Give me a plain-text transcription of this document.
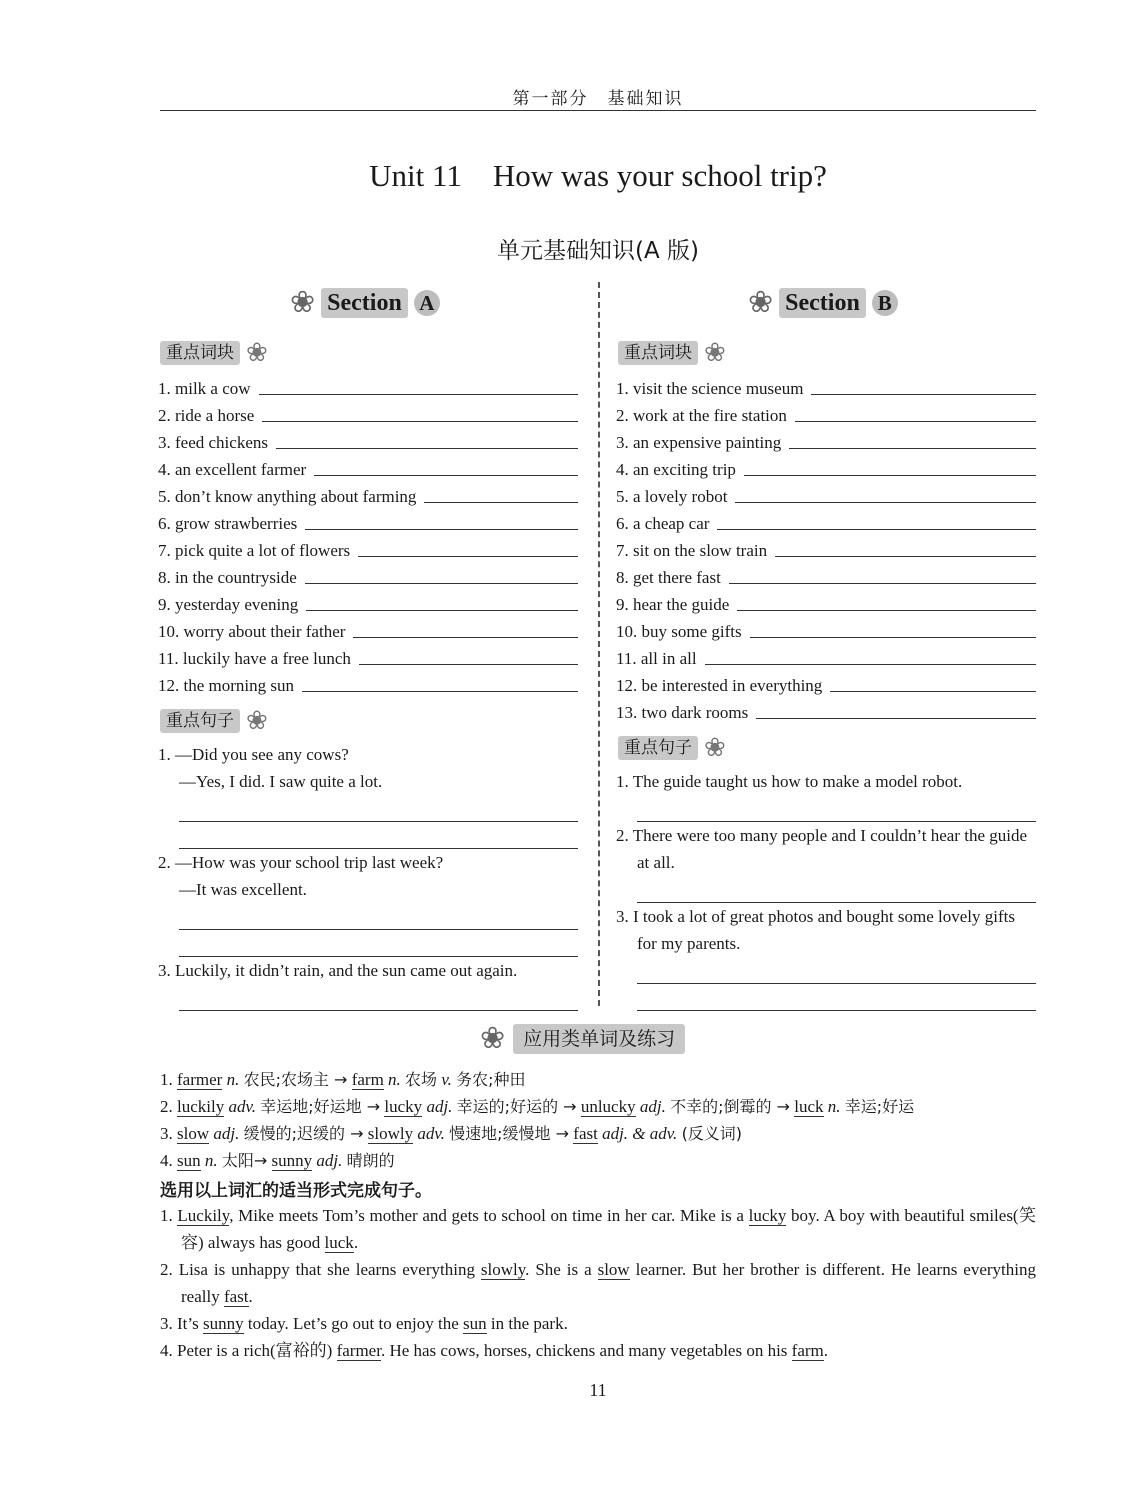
第一部分　基础知识
Unit 11　How was your school trip?
单元基础知识(A 版)
❀ Section A
重点词块 ❀
1. milk a cow
2. ride a horse
3. feed chickens
4. an excellent farmer
5. don’t know anything about farming
6. grow strawberries
7. pick quite a lot of flowers
8. in the countryside
9. yesterday evening
10. worry about their father
11. luckily have a free lunch
12. the morning sun
重点句子 ❀
1. —Did you see any cows?
—Yes, I did. I saw quite a lot.
2. —How was your school trip last week?
—It was excellent.
3. Luckily, it didn’t rain, and the sun came out again.
❀ Section B
重点词块 ❀
1. visit the science museum
2. work at the fire station
3. an expensive painting
4. an exciting trip
5. a lovely robot
6. a cheap car
7. sit on the slow train
8. get there fast
9. hear the guide
10. buy some gifts
11. all in all
12. be interested in everything
13. two dark rooms
重点句子 ❀
1. The guide taught us how to make a model robot.
2. There were too many people and I couldn’t hear the guide at all.
3. I took a lot of great photos and bought some lovely gifts for my parents.
❀ 应用类单词及练习
1. farmer n. 农民;农场主 → farm n. 农场 v. 务农;种田
2. luckily adv. 幸运地;好运地 → lucky adj. 幸运的;好运的 → unlucky adj. 不幸的;倒霉的 → luck n. 幸运;好运
3. slow adj. 缓慢的;迟缓的 → slowly adv. 慢速地;缓慢地 → fast adj. & adv. (反义词)
4. sun n. 太阳→ sunny adj. 晴朗的
选用以上词汇的适当形式完成句子。
1. Luckily, Mike meets Tom’s mother and gets to school on time in her car. Mike is a lucky boy. A boy with beautiful smiles(笑容) always has good luck.
2. Lisa is unhappy that she learns everything slowly. She is a slow learner. But her brother is different. He learns everything really fast.
3. It’s sunny today. Let’s go out to enjoy the sun in the park.
4. Peter is a rich(富裕的) farmer. He has cows, horses, chickens and many vegetables on his farm.
11
